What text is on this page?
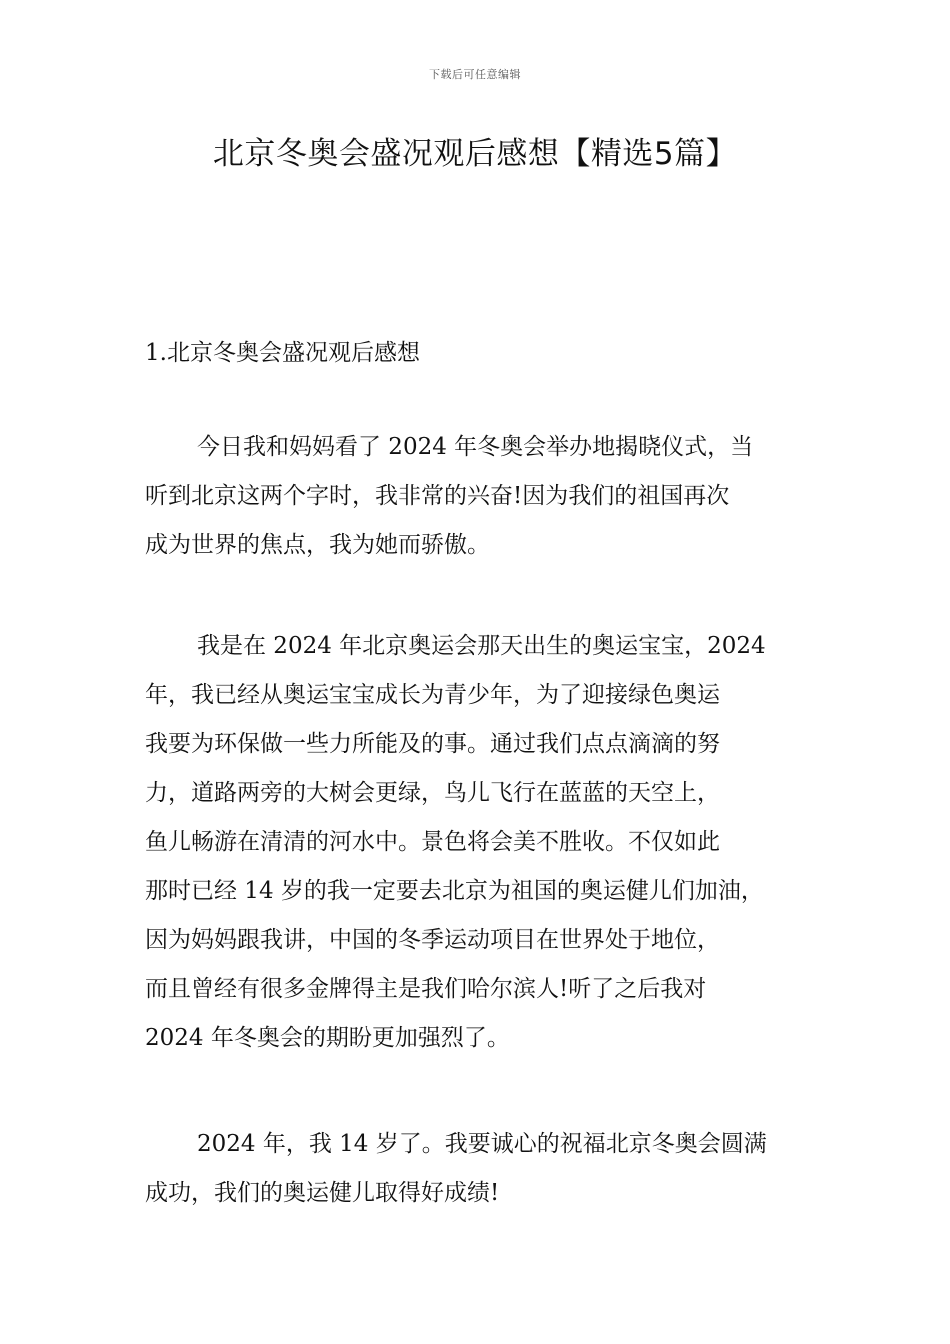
下载后可任意编辑
北京冬奥会盛况观后感想【精选5篇】
1.北京冬奥会盛况观后感想
今日我和妈妈看了 2024 年冬奥会举办地揭晓仪式，当
听到北京这两个字时，我非常的兴奋!因为我们的祖国再次
成为世界的焦点，我为她而骄傲。
我是在 2024 年北京奥运会那天出生的奥运宝宝，2024
年，我已经从奥运宝宝成长为青少年，为了迎接绿色奥运
我要为环保做一些力所能及的事。通过我们点点滴滴的努
力，道路两旁的大树会更绿，鸟儿飞行在蓝蓝的天空上，
鱼儿畅游在清清的河水中。景色将会美不胜收。不仅如此
那时已经 14 岁的我一定要去北京为祖国的奥运健儿们加油，
因为妈妈跟我讲，中国的冬季运动项目在世界处于地位，
而且曾经有很多金牌得主是我们哈尔滨人!听了之后我对
2024 年冬奥会的期盼更加强烈了。
2024 年，我 14 岁了。我要诚心的祝福北京冬奥会圆满
成功，我们的奥运健儿取得好成绩!
